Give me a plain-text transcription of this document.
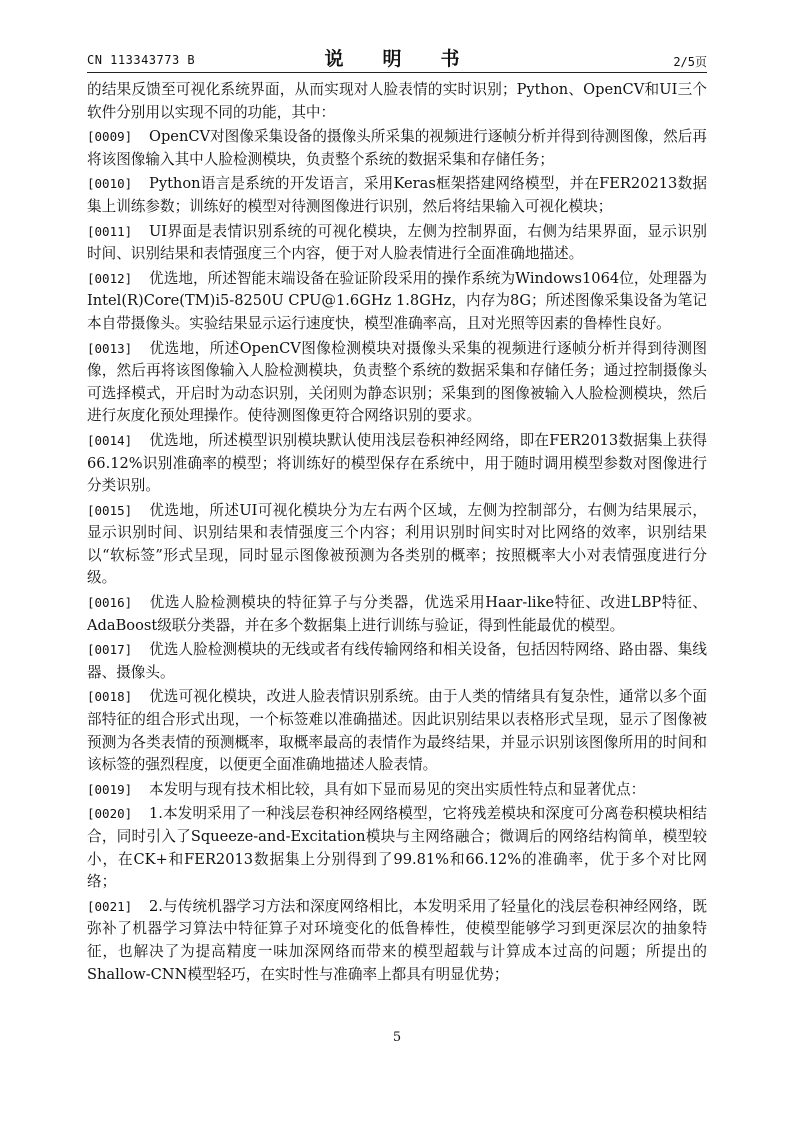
CN 113343773 B	说　明　书	2/5页

的结果反馈至可视化系统界面，从而实现对人脸表情的实时识别；Python、OpenCV和UI三个软件分别用以实现不同的功能，其中：

[0009] OpenCV对图像采集设备的摄像头所采集的视频进行逐帧分析并得到待测图像，然后再将该图像输入其中人脸检测模块，负责整个系统的数据采集和存储任务；

[0010] Python语言是系统的开发语言，采用Keras框架搭建网络模型，并在FER20213数据集上训练参数；训练好的模型对待测图像进行识别，然后将结果输入可视化模块；

[0011] UI界面是表情识别系统的可视化模块，左侧为控制界面，右侧为结果界面，显示识别时间、识别结果和表情强度三个内容，便于对人脸表情进行全面准确地描述。

[0012] 优选地，所述智能末端设备在验证阶段采用的操作系统为Windows1064位，处理器为Intel(R)Core(TM)i5-8250U CPU@1.6GHz 1.8GHz，内存为8G；所述图像采集设备为笔记本自带摄像头。实验结果显示运行速度快，模型准确率高，且对光照等因素的鲁棒性良好。

[0013] 优选地，所述OpenCV图像检测模块对摄像头采集的视频进行逐帧分析并得到待测图像，然后再将该图像输入人脸检测模块，负责整个系统的数据采集和存储任务；通过控制摄像头可选择模式，开启时为动态识别，关闭则为静态识别；采集到的图像被输入人脸检测模块，然后进行灰度化预处理操作。使待测图像更符合网络识别的要求。

[0014] 优选地，所述模型识别模块默认使用浅层卷积神经网络，即在FER2013数据集上获得66.12%识别准确率的模型；将训练好的模型保存在系统中，用于随时调用模型参数对图像进行分类识别。

[0015] 优选地，所述UI可视化模块分为左右两个区域，左侧为控制部分，右侧为结果展示，显示识别时间、识别结果和表情强度三个内容；利用识别时间实时对比网络的效率，识别结果以“软标签”形式呈现，同时显示图像被预测为各类别的概率；按照概率大小对表情强度进行分级。

[0016] 优选人脸检测模块的特征算子与分类器，优选采用Haar-like特征、改进LBP特征、AdaBoost级联分类器，并在多个数据集上进行训练与验证，得到性能最优的模型。

[0017] 优选人脸检测模块的无线或者有线传输网络和相关设备，包括因特网络、路由器、集线器、摄像头。

[0018] 优选可视化模块，改进人脸表情识别系统。由于人类的情绪具有复杂性，通常以多个面部特征的组合形式出现，一个标签难以准确描述。因此识别结果以表格形式呈现，显示了图像被预测为各类表情的预测概率，取概率最高的表情作为最终结果，并显示识别该图像所用的时间和该标签的强烈程度，以便更全面准确地描述人脸表情。

[0019] 本发明与现有技术相比较，具有如下显而易见的突出实质性特点和显著优点：

[0020] 1.本发明采用了一种浅层卷积神经网络模型，它将残差模块和深度可分离卷积模块相结合，同时引入了Squeeze-and-Excitation模块与主网络融合；微调后的网络结构简单，模型较小，在CK+和FER2013数据集上分别得到了99.81%和66.12%的准确率，优于多个对比网络；

[0021] 2.与传统机器学习方法和深度网络相比，本发明采用了轻量化的浅层卷积神经网络，既弥补了机器学习算法中特征算子对环境变化的低鲁棒性，使模型能够学习到更深层次的抽象特征，也解决了为提高精度一味加深网络而带来的模型超载与计算成本过高的问题；所提出的Shallow-CNN模型轻巧，在实时性与准确率上都具有明显优势；

5
